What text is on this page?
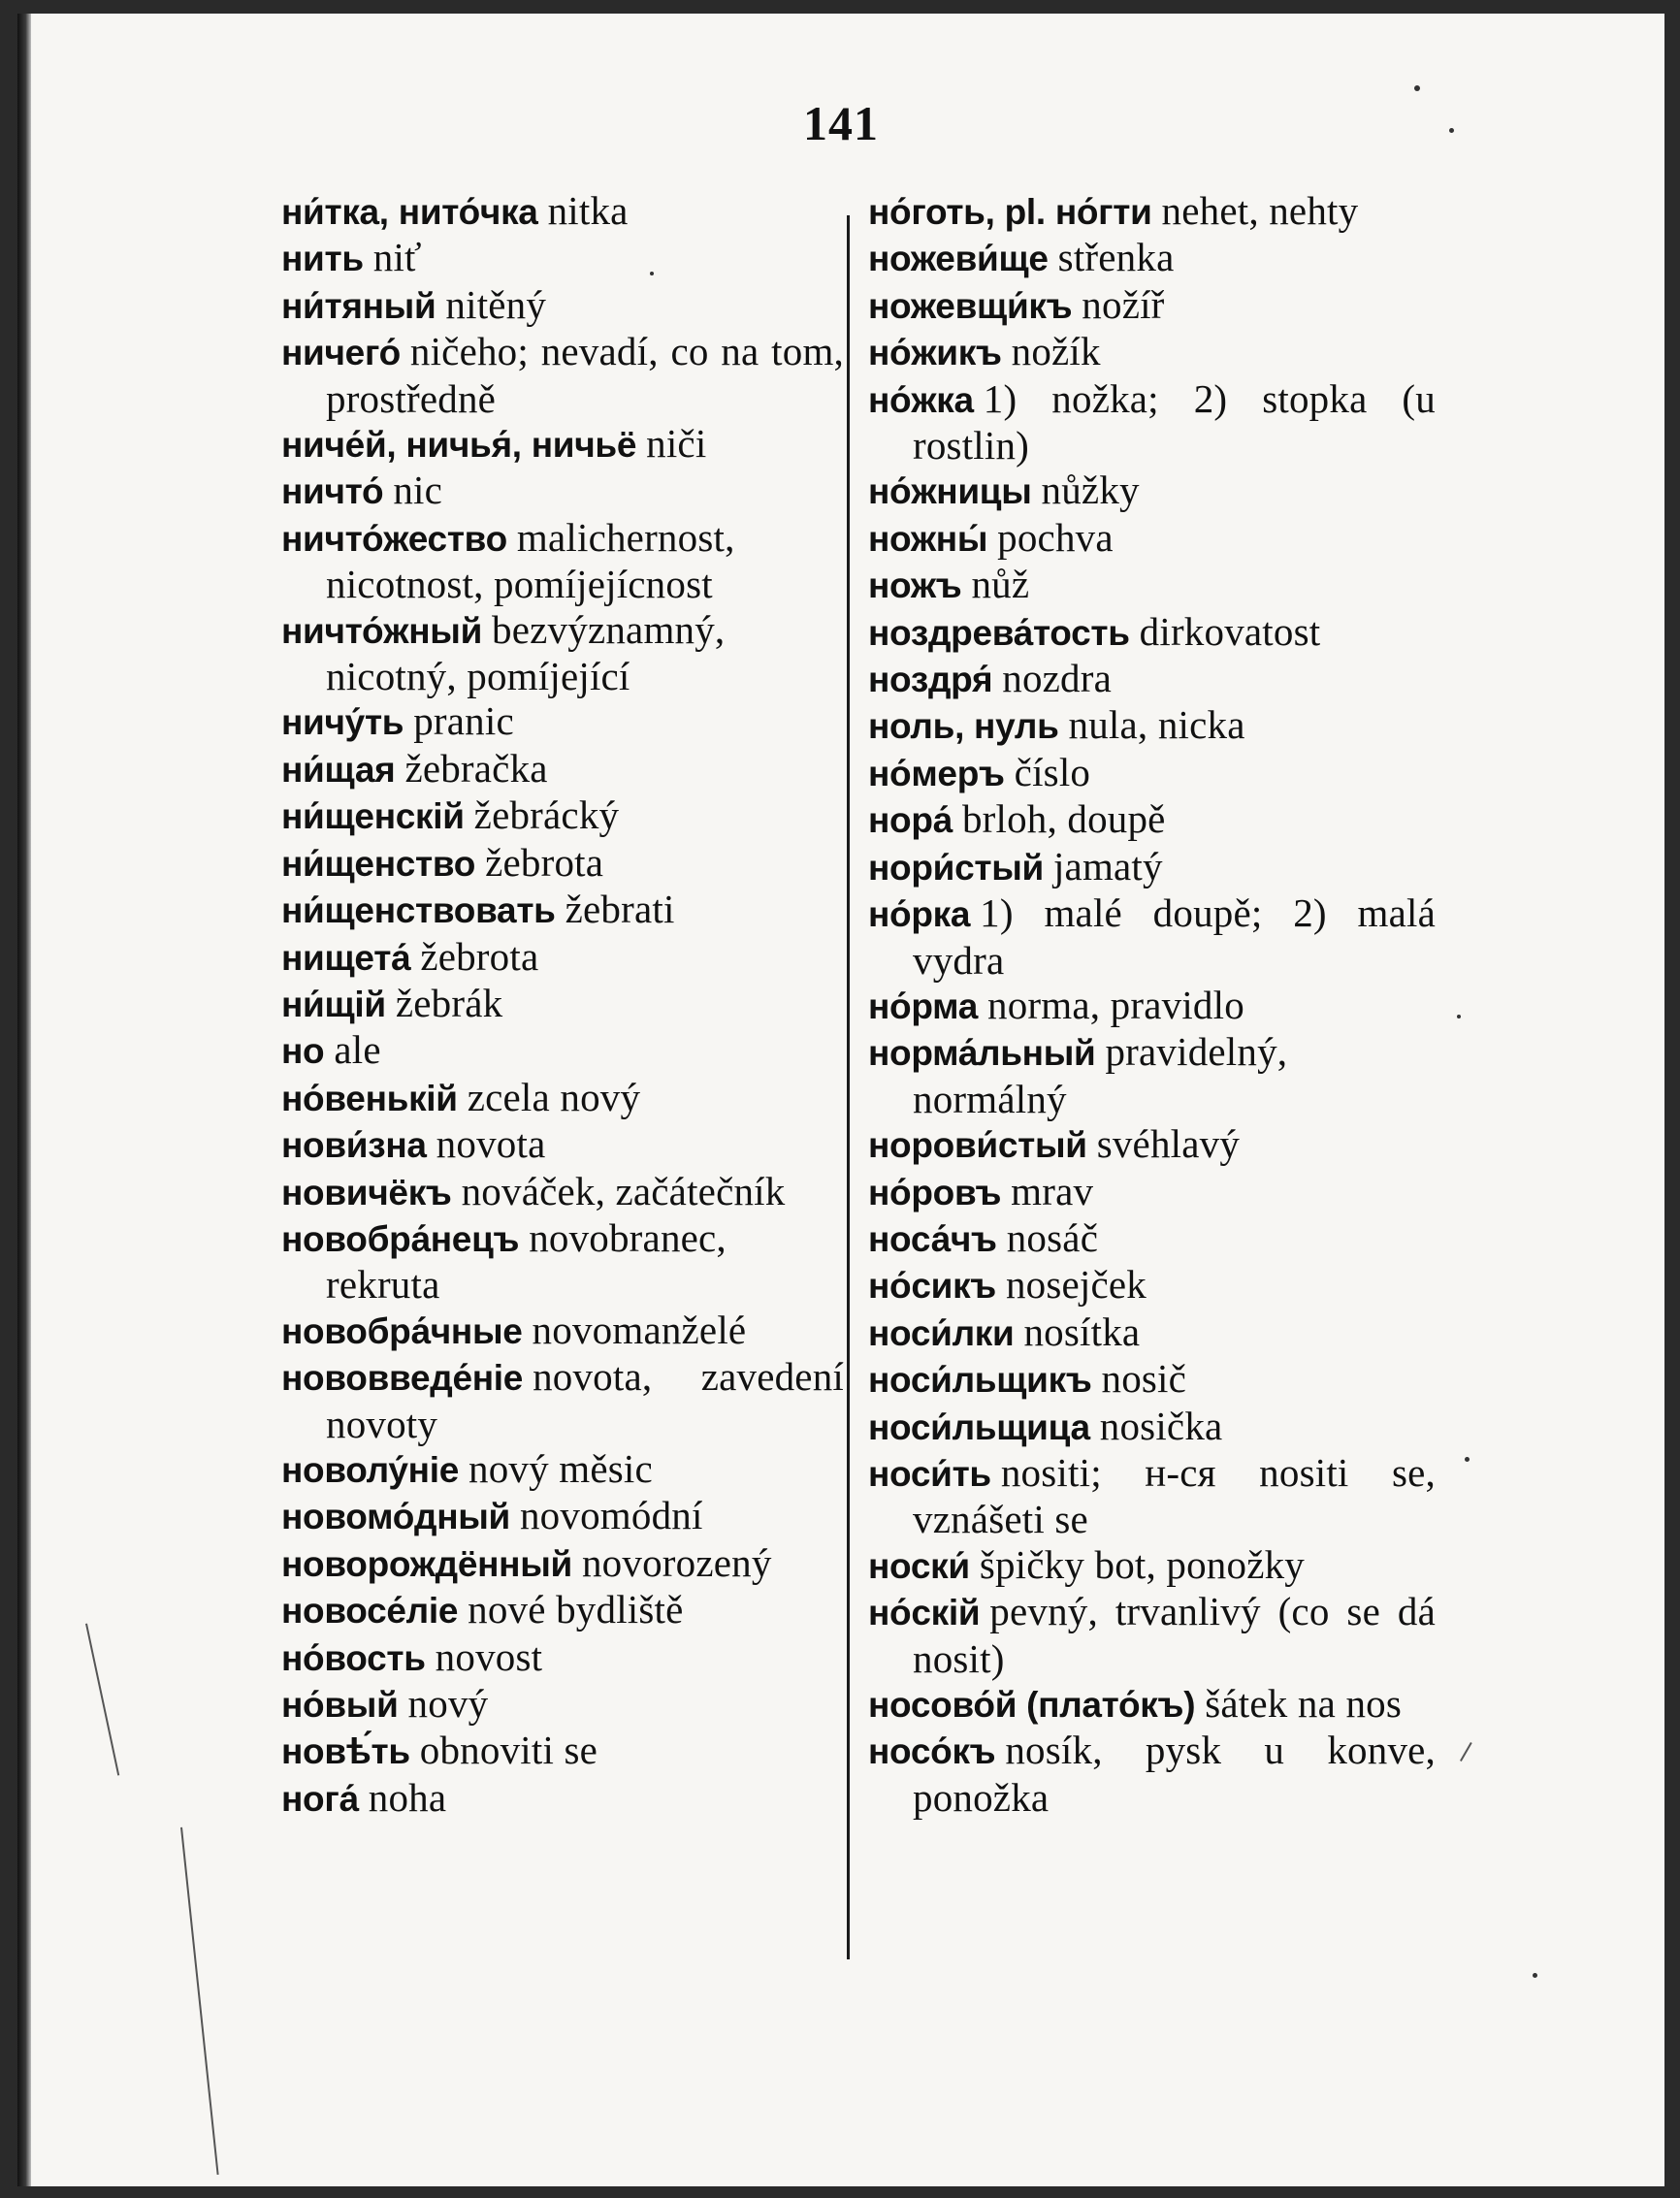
141

ни́тка, нито́чка nitka

нить niť

ни́тяный nitěný

ничего́ ničeho; nevadí, co na tom, prostředně

ниче́й, ничья́, ничьё niči

ничто́ nic

ничто́жество malichernost, nicotnost, pomíjejícnost

ничто́жный bezvýznamný, nicotný, pomíjející

ничу́ть pranic

ни́щая žebračka

ни́щенскій žebrácký

ни́щенство žebrota

ни́щенствовать žebrati

нищета́ žebrota

ни́щій žebrák

но ale

но́венькій zcela nový

нови́зна novota

новичёкъ nováček, začátečník

новобра́нецъ novobranec, rekruta

новобра́чные novomanželé

нововведе́ніе novota, zavedení novoty

новолу́ніе nový měsic

новомо́дный novomódní

новорождённый novorozený

новосе́ліе nové bydliště

но́вость novost

но́вый nový

новѣ́ть obnoviti se

нога́ noha

но́готь, pl. но́гти nehet, nehty

ножеви́ще střenka

ножевщи́къ nožíř

но́жикъ nožík

но́жка 1) nožka; 2) stopka (u rostlin)

но́жницы nůžky

ножны́ pochva

ножъ nůž

ноздрева́тость dirkovatost

ноздря́ nozdra

ноль, нуль nula, nicka

но́меръ číslo

нора́ brloh, doupě

нори́стый jamatý

но́рка 1) malé doupě; 2) malá vydra

но́рма norma, pravidlo

норма́льный pravidelný, normálný

норови́стый svéhlavý

но́ровъ mrav

носа́чъ nosáč

но́сикъ nosejček

носи́лки nosítka

носи́льщикъ nosič

носи́льщица nosička

носи́ть nositi; н-ся nositi se, vznášeti se

носки́ špičky bot, ponožky

но́скій pevný, trvanlivý (co se dá nosit)

носово́й (плато́къ) šátek na nos

носо́къ nosík, pysk u konve, ponožka
